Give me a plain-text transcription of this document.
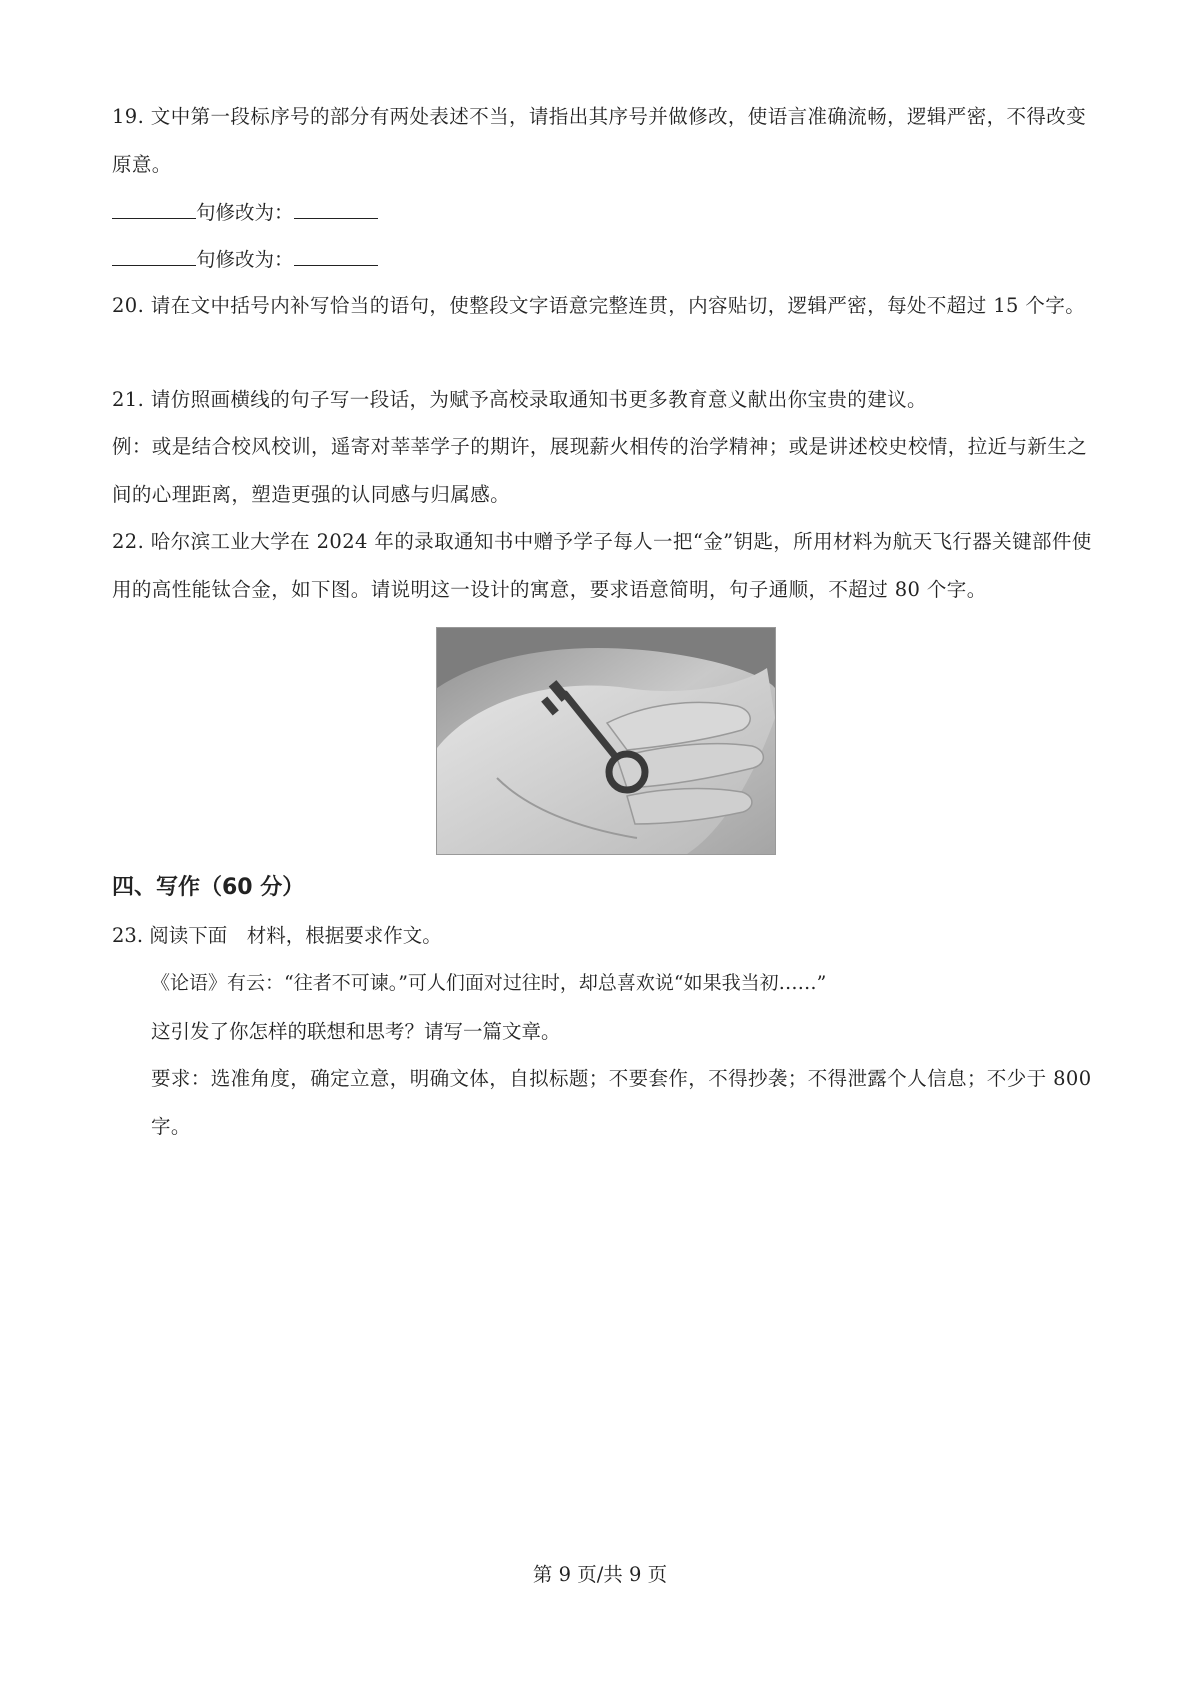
19. 文中第一段标序号的部分有两处表述不当，请指出其序号并做修改，使语言准确流畅，逻辑严密，不得改变原意。

句修改为：
句修改为：

20. 请在文中括号内补写恰当的语句，使整段文字语意完整连贯，内容贴切，逻辑严密，每处不超过 15 个字。

21. 请仿照画横线的句子写一段话，为赋予高校录取通知书更多教育意义献出你宝贵的建议。

例：或是结合校风校训，遥寄对莘莘学子的期许，展现薪火相传的治学精神；或是讲述校史校情，拉近与新生之间的心理距离，塑造更强的认同感与归属感。

22. 哈尔滨工业大学在 2024 年的录取通知书中赠予学子每人一把“金”钥匙，所用材料为航天飞行器关键部件使用的高性能钛合金，如下图。请说明这一设计的寓意，要求语意简明，句子通顺，不超过 80 个字。

四、写作（60 分）
23. 阅读下面　材料，根据要求作文。
《论语》有云：“往者不可谏。”可人们面对过往时，却总喜欢说“如果我当初……”
这引发了你怎样的联想和思考？请写一篇文章。

要求：选准角度，确定立意，明确文体，自拟标题；不要套作，不得抄袭；不得泄露个人信息；不少于 800 字。

第 9 页/共 9 页
